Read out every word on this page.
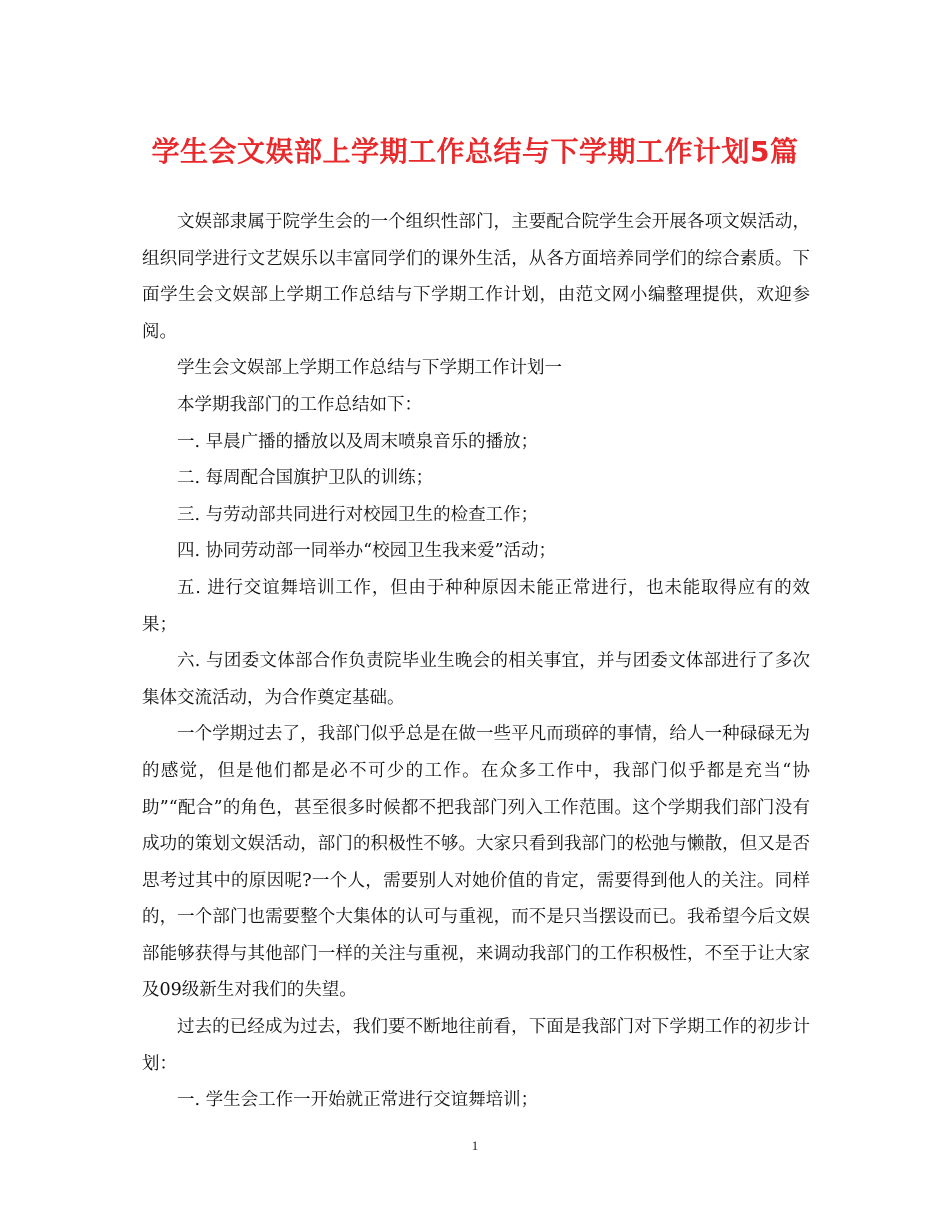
学生会文娱部上学期工作总结与下学期工作计划5篇

文娱部隶属于院学生会的一个组织性部门，主要配合院学生会开展各项文娱活动，组织同学进行文艺娱乐以丰富同学们的课外生活，从各方面培养同学们的综合素质。下面学生会文娱部上学期工作总结与下学期工作计划，由范文网小编整理提供，欢迎参阅。

学生会文娱部上学期工作总结与下学期工作计划一

本学期我部门的工作总结如下：

一. 早晨广播的播放以及周末喷泉音乐的播放；

二. 每周配合国旗护卫队的训练；

三. 与劳动部共同进行对校园卫生的检查工作；

四. 协同劳动部一同举办“校园卫生我来爱”活动；

五. 进行交谊舞培训工作，但由于种种原因未能正常进行，也未能取得应有的效果；

六. 与团委文体部合作负责院毕业生晚会的相关事宜，并与团委文体部进行了多次集体交流活动，为合作奠定基础。

一个学期过去了，我部门似乎总是在做一些平凡而琐碎的事情，给人一种碌碌无为的感觉，但是他们都是必不可少的工作。在众多工作中，我部门似乎都是充当“协助”“配合”的角色，甚至很多时候都不把我部门列入工作范围。这个学期我们部门没有成功的策划文娱活动，部门的积极性不够。大家只看到我部门的松弛与懒散，但又是否思考过其中的原因呢?一个人，需要别人对她价值的肯定，需要得到他人的关注。同样的，一个部门也需要整个大集体的认可与重视，而不是只当摆设而已。我希望今后文娱部能够获得与其他部门一样的关注与重视，来调动我部门的工作积极性，不至于让大家及09级新生对我们的失望。

过去的已经成为过去，我们要不断地往前看，下面是我部门对下学期工作的初步计划：

一. 学生会工作一开始就正常进行交谊舞培训；

1
